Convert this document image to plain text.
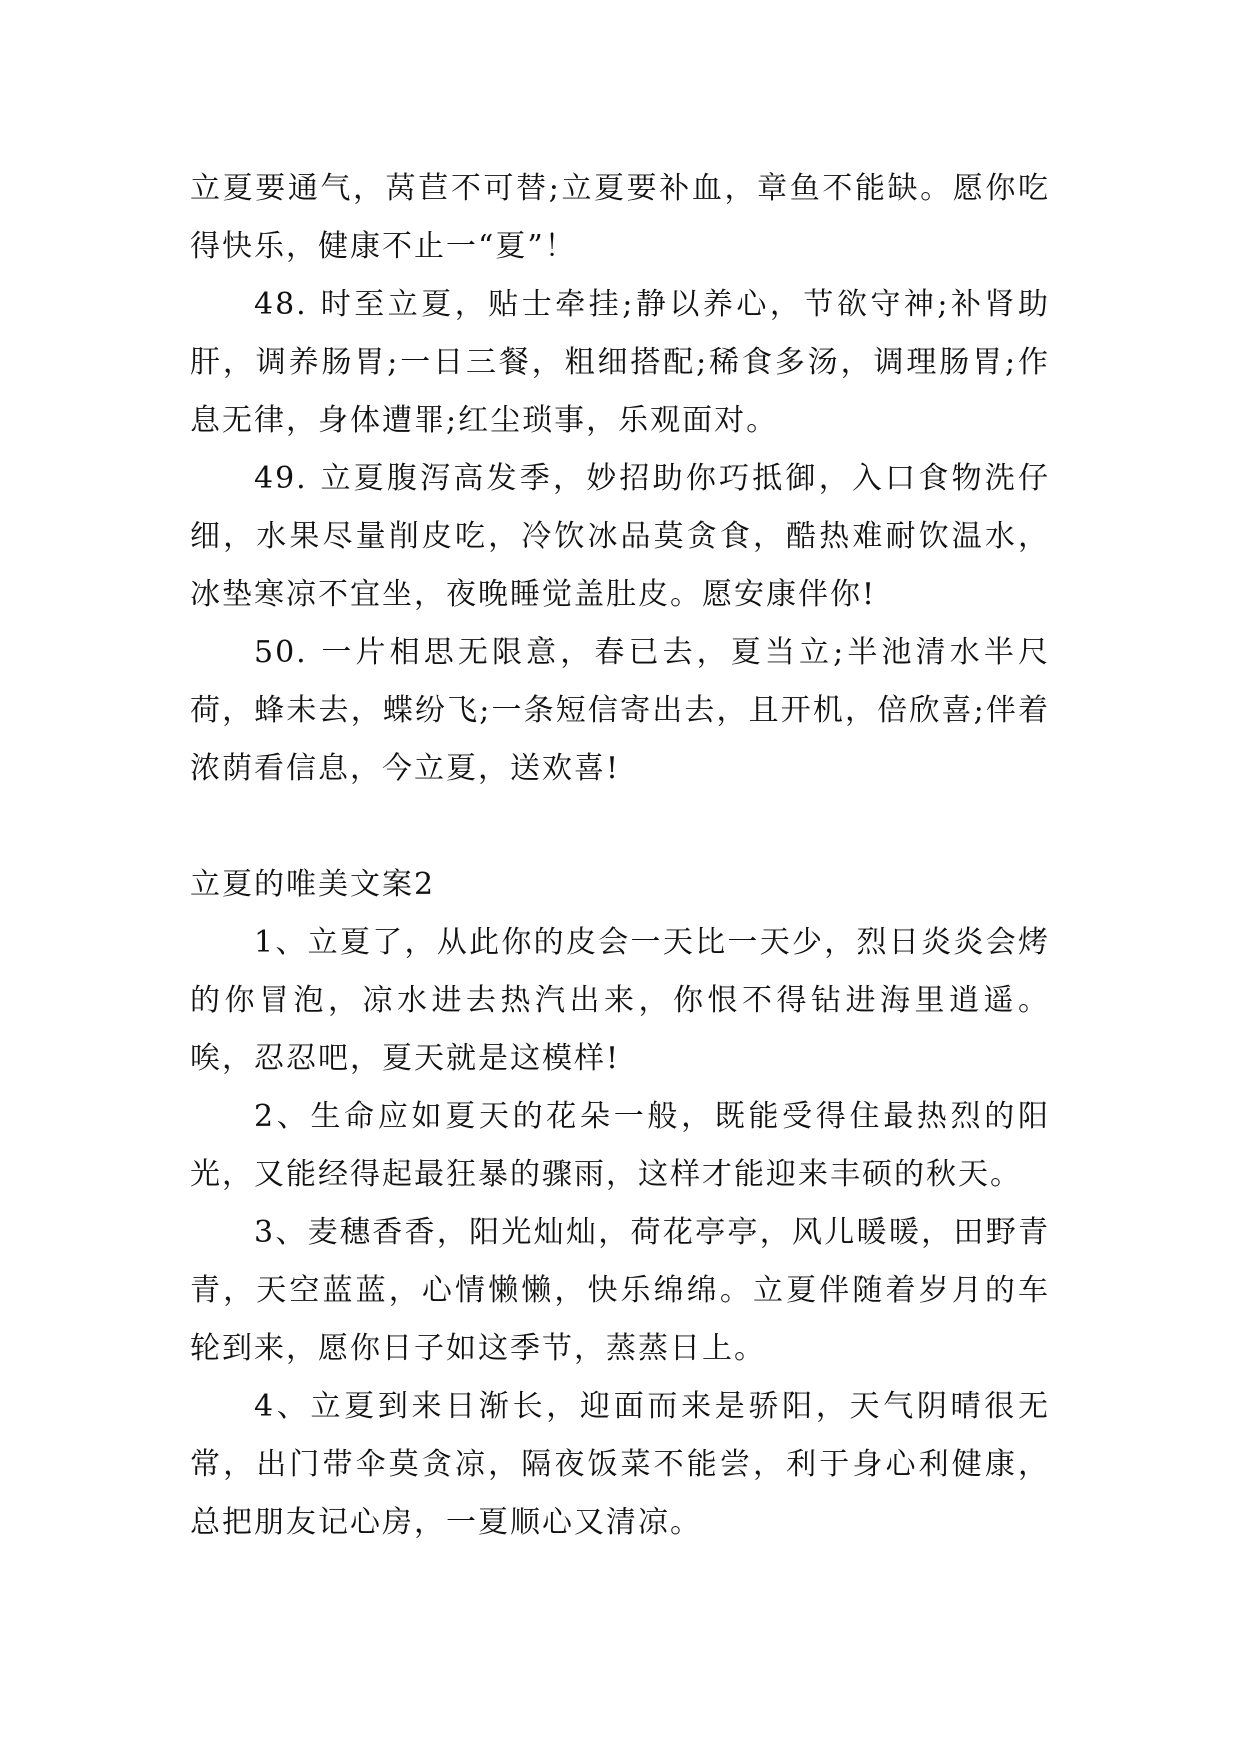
立夏要通气，莴苣不可替;立夏要补血，章鱼不能缺。愿你吃得快乐，健康不止一“夏”！

48. 时至立夏，贴士牵挂;静以养心，节欲守神;补肾助肝，调养肠胃;一日三餐，粗细搭配;稀食多汤，调理肠胃;作息无律，身体遭罪;红尘琐事，乐观面对。

49. 立夏腹泻高发季，妙招助你巧抵御，入口食物洗仔细，水果尽量削皮吃，冷饮冰品莫贪食，酷热难耐饮温水，冰垫寒凉不宜坐，夜晚睡觉盖肚皮。愿安康伴你!

50. 一片相思无限意，春已去，夏当立;半池清水半尺荷，蜂未去，蝶纷飞;一条短信寄出去，且开机，倍欣喜;伴着浓荫看信息，今立夏，送欢喜!

立夏的唯美文案2

1、立夏了，从此你的皮会一天比一天少，烈日炎炎会烤的你冒泡，凉水进去热汽出来，你恨不得钻进海里逍遥。唉，忍忍吧，夏天就是这模样!

2、生命应如夏天的花朵一般，既能受得住最热烈的阳光，又能经得起最狂暴的骤雨，这样才能迎来丰硕的秋天。

3、麦穗香香，阳光灿灿，荷花亭亭，风儿暖暖，田野青青，天空蓝蓝，心情懒懒，快乐绵绵。立夏伴随着岁月的车轮到来，愿你日子如这季节，蒸蒸日上。

4、立夏到来日渐长，迎面而来是骄阳，天气阴晴很无常，出门带伞莫贪凉，隔夜饭菜不能尝，利于身心利健康，总把朋友记心房，一夏顺心又清凉。
